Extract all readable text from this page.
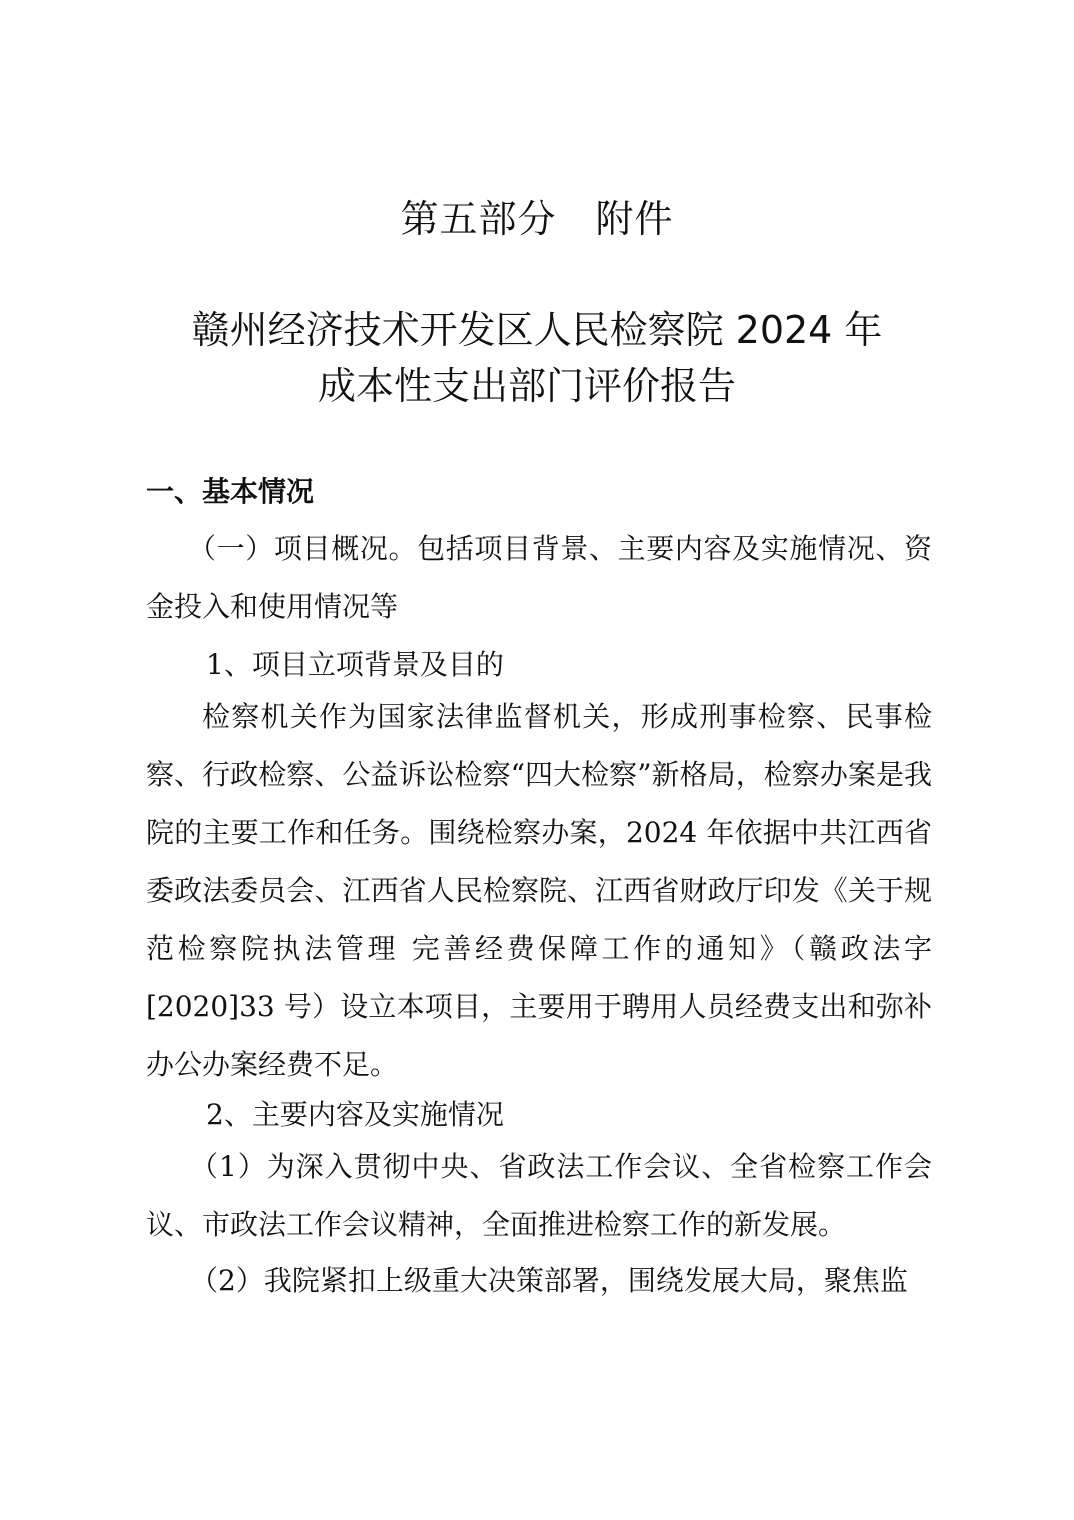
第五部分　附件
赣州经济技术开发区人民检察院 2024 年
成本性支出部门评价报告
一、基本情况
（一）项目概况。包括项目背景、主要内容及实施情况、资金投入和使用情况等
1、项目立项背景及目的
检察机关作为国家法律监督机关，形成刑事检察、民事检察、行政检察、公益诉讼检察“四大检察”新格局，检察办案是我院的主要工作和任务。围绕检察办案，2024 年依据中共江西省委政法委员会、江西省人民检察院、江西省财政厅印发《关于规范检察院执法管理 完善经费保障工作的通知》（赣政法字[2020]33 号）设立本项目，主要用于聘用人员经费支出和弥补办公办案经费不足。
2、主要内容及实施情况
（1）为深入贯彻中央、省政法工作会议、全省检察工作会议、市政法工作会议精神，全面推进检察工作的新发展。
（2）我院紧扣上级重大决策部署，围绕发展大局，聚焦监
